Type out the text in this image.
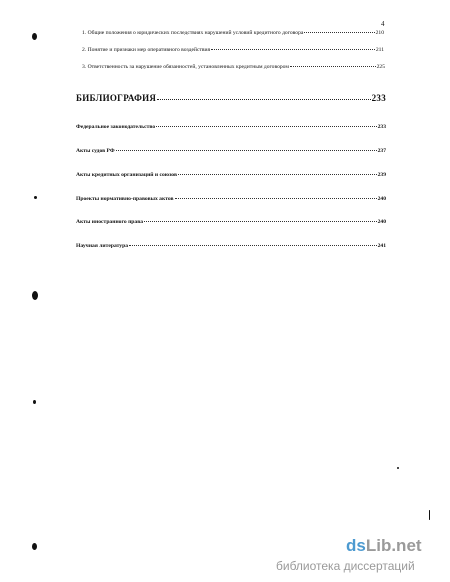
4
1. Общие положения о юридических последствиях нарушений условий кредитного договора	210
2. Понятие и признаки мер оперативного воздействия	211
3. Ответственность за нарушение обязанностей, установленных кредитным договором	225
БИБЛИОГРАФИЯ	233
Федеральное законодательство	233
Акты судов РФ	237
Акты кредитных организаций и союзов	239
Проекты нормативно-правовых актов	240
Акты иностранного права	240
Научная литература	241
dsLib.net
библиотека диссертаций
